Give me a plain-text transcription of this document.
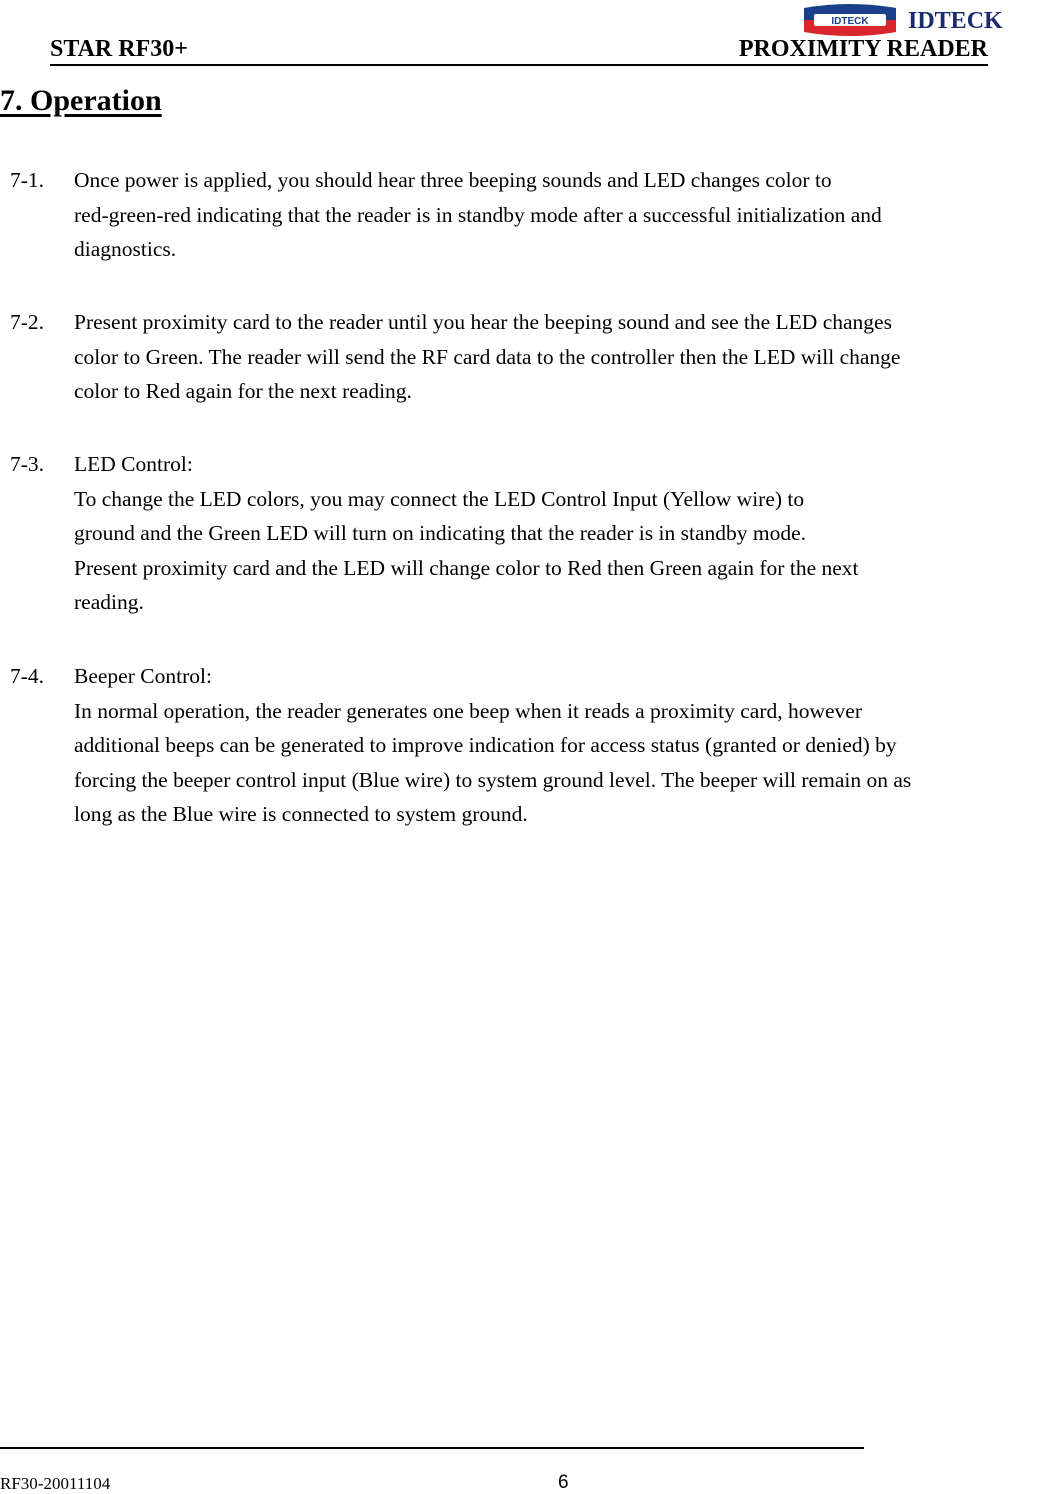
IDTECK IDTECK
STAR RF30+	PROXIMITY READER
7. Operation
7-1. Once power is applied, you should hear three beeping sounds and LED changes color to
red-green-red indicating that the reader is in standby mode after a successful initialization and
diagnostics.
7-2. Present proximity card to the reader until you hear the beeping sound and see the LED changes
color to Green. The reader will send the RF card data to the controller then the LED will change
color to Red again for the next reading.
7-3. LED Control:
To change the LED colors, you may connect the LED Control Input (Yellow wire) to
ground and the Green LED will turn on indicating that the reader is in standby mode.
Present proximity card and the LED will change color to Red then Green again for the next
reading.
7-4. Beeper Control:
In normal operation, the reader generates one beep when it reads a proximity card, however
additional beeps can be generated to improve indication for access status (granted or denied) by
forcing the beeper control input (Blue wire) to system ground level. The beeper will remain on as
long as the Blue wire is connected to system ground.
RF30-20011104	6
